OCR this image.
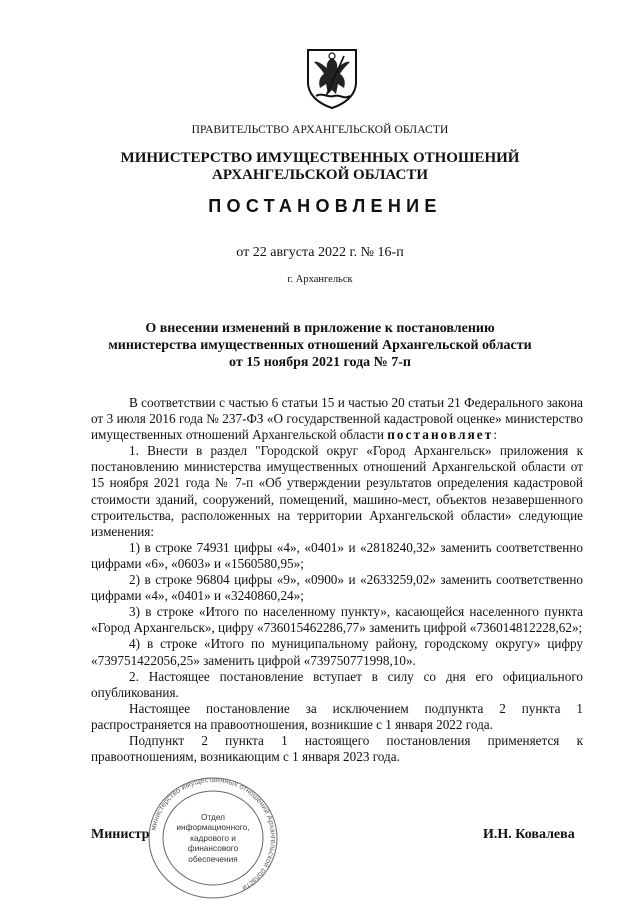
ПРАВИТЕЛЬСТВО АРХАНГЕЛЬСКОЙ ОБЛАСТИ
МИНИСТЕРСТВО ИМУЩЕСТВЕННЫХ ОТНОШЕНИЙ
АРХАНГЕЛЬСКОЙ ОБЛАСТИ
ПОСТАНОВЛЕНИЕ
от 22 августа 2022 г. № 16-п
г. Архангельск
О внесении изменений в приложение к постановлению
министерства имущественных отношений Архангельской области
от 15 ноября 2021 года № 7-п

В соответствии с частью 6 статьи 15 и частью 20 статьи 21 Федерального закона от 3 июля 2016 года № 237-ФЗ «О государственной кадастровой оценке» министерство имущественных отношений Архангельской области постановляет:

1. Внести в раздел "Городской округ «Город Архангельск» приложения к постановлению министерства имущественных отношений Архангельской области от 15 ноября 2021 года № 7-п «Об утверждении результатов определения кадастровой стоимости зданий, сооружений, помещений, машино-мест, объектов незавершенного строительства, расположенных на территории Архангельской области» следующие изменения:

1) в строке 74931 цифры «4», «0401» и «2818240,32» заменить соответственно цифрами «6», «0603» и «1560580,95»;

2) в строке 96804 цифры «9», «0900» и «2633259,02» заменить соответственно цифрами «4», «0401» и «3240860,24»;

3) в строке «Итого по населенному пункту», касающейся населенного пункта «Город Архангельск», цифру «736015462286,77» заменить цифрой «736014812228,62»;

4) в строке «Итого по муниципальному району, городскому округу» цифру «739751422056,25» заменить цифрой «739750771998,10».

2. Настоящее постановление вступает в силу со дня его официального опубликования.

Настоящее постановление за исключением подпункта 2 пункта 1 распространяется на правоотношения, возникшие с 1 января 2022 года.

Подпункт 2 пункта 1 настоящего постановления применяется к правоотношениям, возникающим с 1 января 2023 года.

министерство имущественных отношений Архангельской области
Отдел
информационного,
кадрового и
финансового
обеспечения
Министр	И.Н. Ковалева
